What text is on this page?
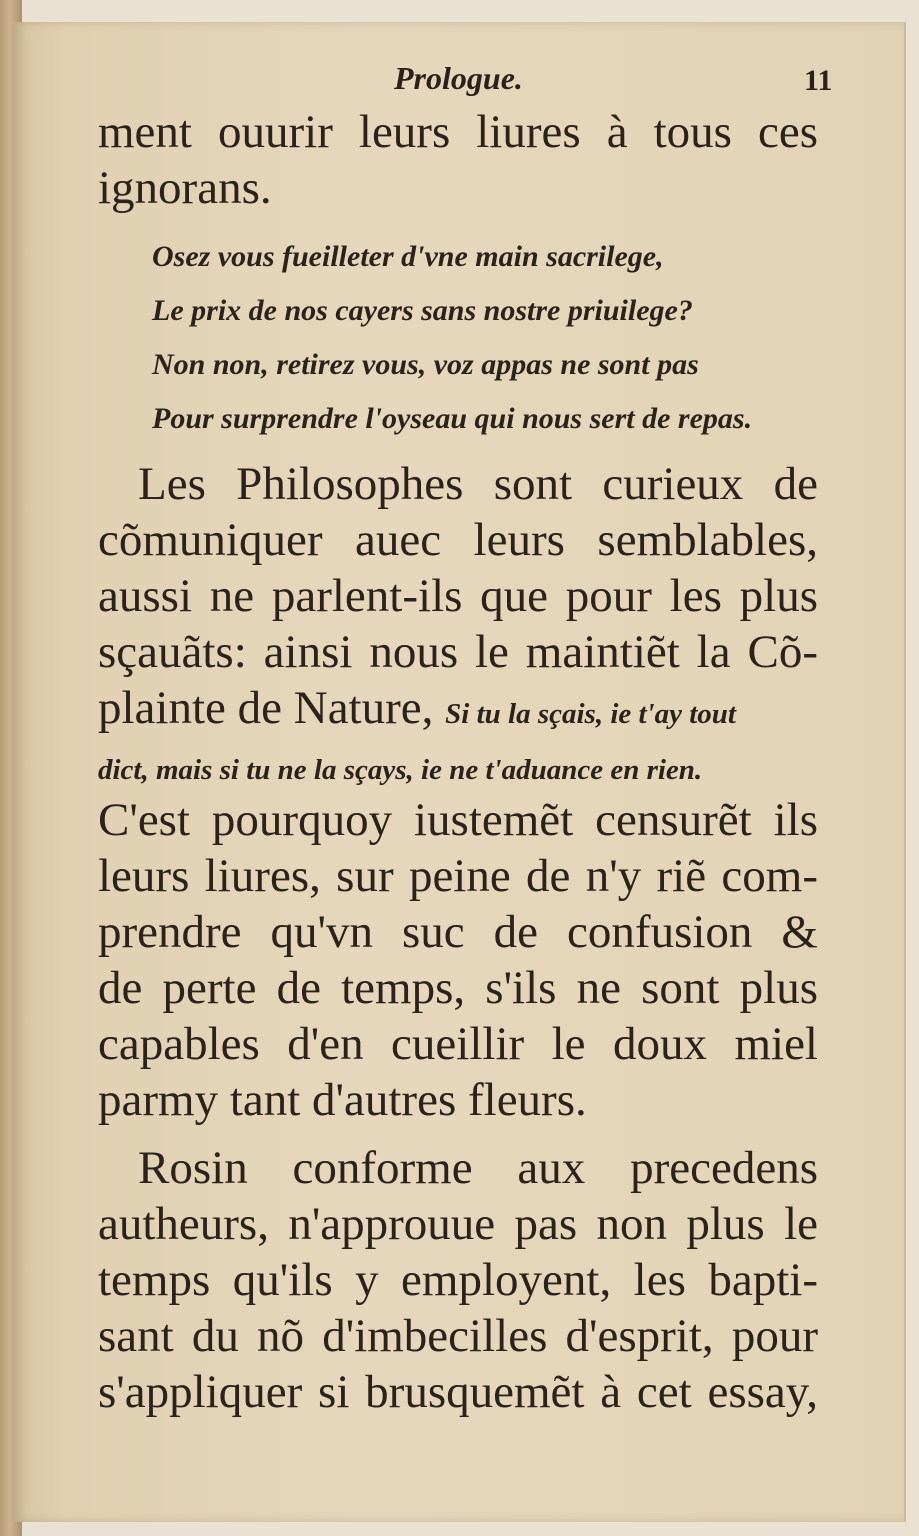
Prologue.	11
ment ouurir leurs liures à tous ces
ignorans.
Osez vous fueilleter d'vne main sacrilege,
Le prix de nos cayers sans nostre priuilege?
Non non, retirez vous, voz appas ne sont pas
Pour surprendre l'oyseau qui nous sert de repas.
Les Philosophes sont curieux de
cõmuniquer auec leurs semblables,
aussi ne parlent-ils que pour les plus
sçauãts: ainsi nous le maintiẽt la Cõ-
plainte de Nature, Si tu la sçais, ie t'ay tout
dict, mais si tu ne la sçays, ie ne t'aduance en rien.
C'est pourquoy iustemẽt censurẽt ils
leurs liures, sur peine de n'y riẽ com-
prendre qu'vn suc de confusion &
de perte de temps, s'ils ne sont plus
capables d'en cueillir le doux miel
parmy tant d'autres fleurs.
Rosin conforme aux precedens
autheurs, n'approuue pas non plus le
temps qu'ils y employent, les bapti-
sant du nõ d'imbecilles d'esprit, pour
s'appliquer si brusquemẽt à cet essay,
